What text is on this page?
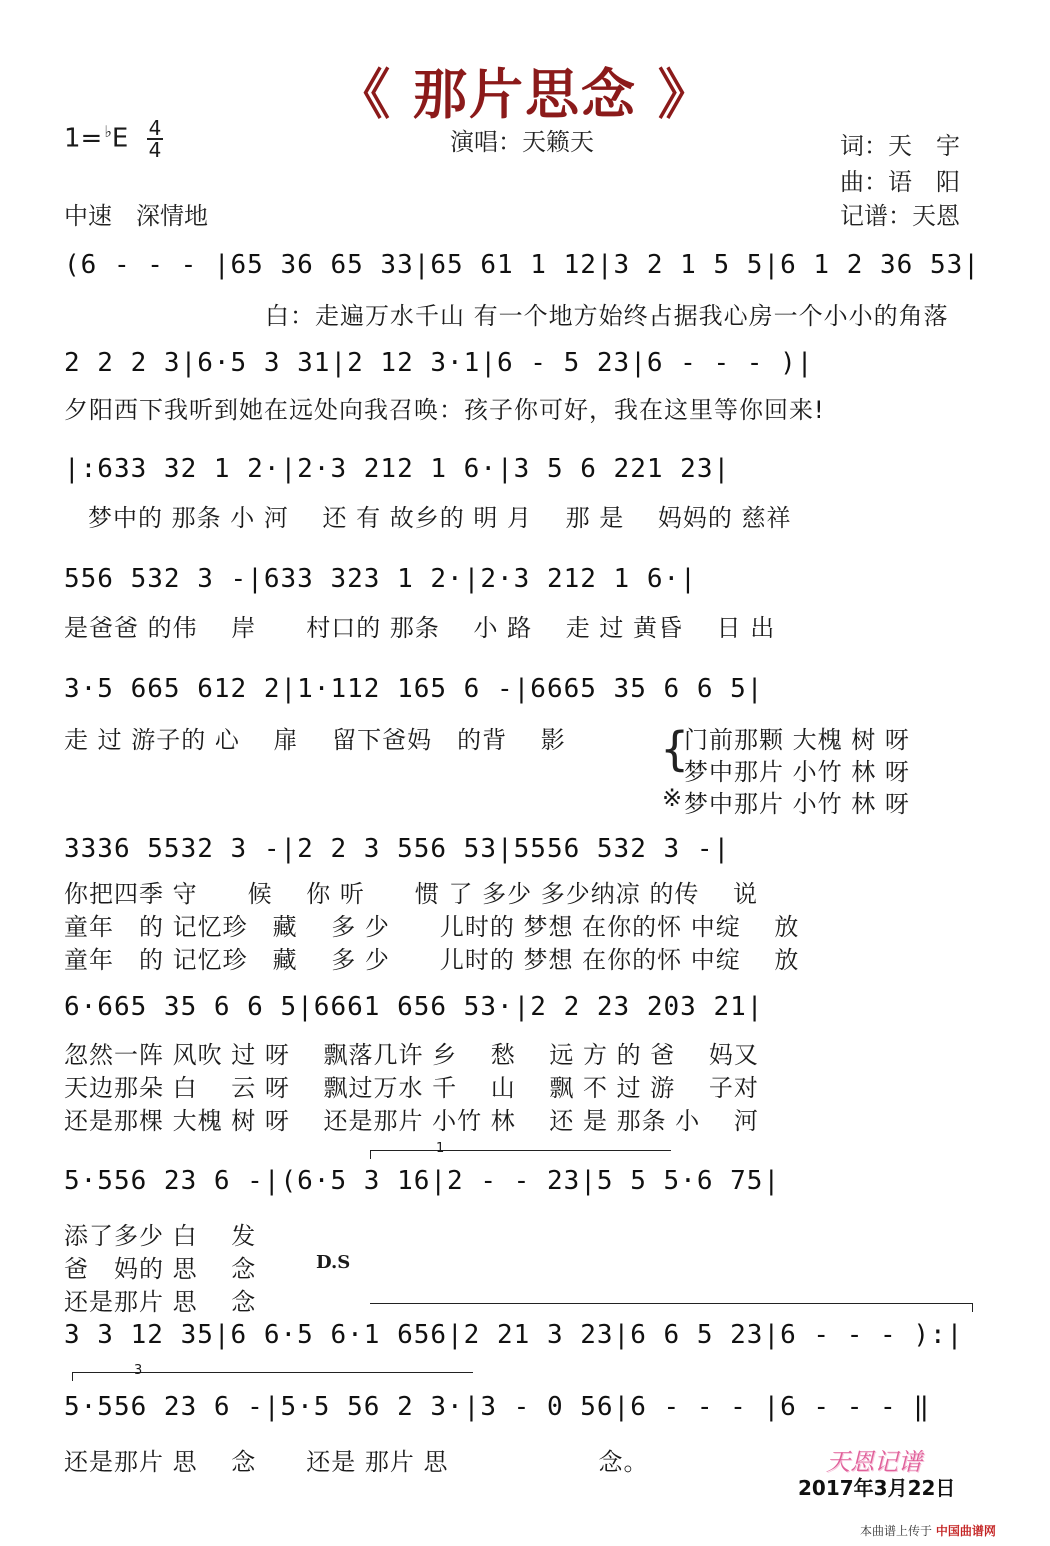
《 那片思念 》
$1= ^♭E \frac{4}{4}$	演唱：天籁天	词：天　宇
曲：语　阳
记谱：天恩
中速　深情地
(6 - - - |65 36 65 33|65 61 1 12|3 2 1 5 5|6 1 2 36 53|
白：走遍万水千山 有一个地方始终占据我心房一个小小的角落
2 2 2 3|6·5 3 31|2 12 3·1|6 - 5 23|6 - - - )|
夕阳西下我听到她在远处向我召唤：孩子你可好，我在这里等你回来!
|:633 32 1 2·|2·3 212 1 6·|3 5 6 221 23|
梦中的 那条 小 河　 还 有 故乡的 明 月　 那 是　 妈妈的 慈祥
556 532 3 -|633 323 1 2·|2·3 212 1 6·|
是爸爸 的伟　 岸　　村口的 那条　 小 路　 走 过 黄昏　 日 出
3·5 665 612 2|1·112 165 6 -|6665 35 6 6 5|
走 过 游子的 心　 扉　 留下爸妈　的背　 影 {
门前那颗 大槐 树 呀
梦中那片 小竹 林 呀
※ 梦中那片 小竹 林 呀
3336 5532 3 -|2 2 3 556 53|5556 532 3 -|
你把四季 守　　候　 你 听　　惯 了 多少 多少纳凉 的传　 说
童年　的 记忆珍　藏　 多 少　　儿时的 梦想 在你的怀 中绽　 放
童年　的 记忆珍　藏　 多 少　　儿时的 梦想 在你的怀 中绽　 放
6·665 35 6 6 5|6661 656 53·|2 2 23 203 21|
忽然一阵 风吹 过 呀　 飘落几许 乡　 愁　 远 方 的 爸　 妈又
天边那朵 白　 云 呀　 飘过万水 千　 山　 飘 不 过 游　 子对
还是那棵 大槐 树 呀　 还是那片 小竹 林　 还 是 那条 小　 河
1
5·556 23 6 -|(6·5 3 16|2 - - 23|5 5 5·6 75|
添了多少 白　 发
爸　妈的 思　 念
还是那片 思　 念
D.S
3 3 12 35|6 6·5 6·1 656|2 21 3 23|6 6 5 23|6 - - - ):|
3
5·556 23 6 -|5·5 56 2 3·|3 - 0 56|6 - - - |6 - - - ‖
还是那片 思　 念　　还是 那片 思　　　　　　念。	天恩记谱
2017年3月22日
本曲谱上传于 中国曲谱网
